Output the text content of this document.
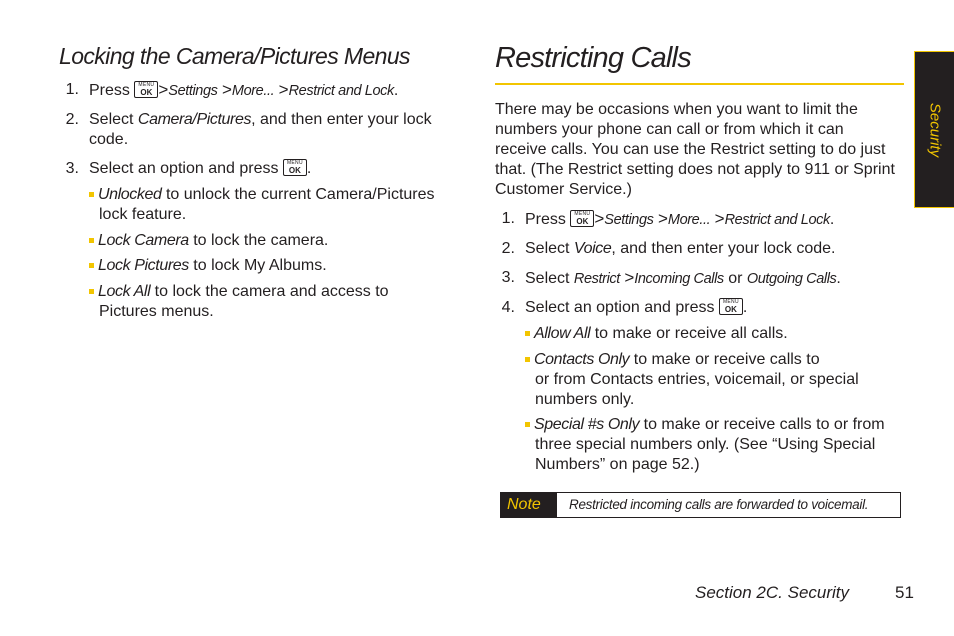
Locking the Camera/Pictures Menus
1. Press	MENU
OK >Settings >More... >Restrict and Lock.
2. Select Camera/Pictures, and then enter your lock
code.
3. Select an option and press	MENU
OK .
Unlocked to unlock the current Camera/Pictures
lock feature.
Lock Camera to lock the camera.
Lock Pictures to lock My Albums.
Lock All to lock the camera and access to
Pictures menus.
Restricting Calls
There may be occasions when you want to limit the
numbers your phone can call or from which it can
receive calls. You can use the Restrict setting to do just
that. (The Restrict setting does not apply to 911 or Sprint
Customer Service.)
1. Press	MENU
OK >Settings >More... >Restrict and Lock.
2. Select Voice, and then enter your lock code.
3. Select Restrict >Incoming Calls or Outgoing Calls.
4. Select an option and press	MENU
OK .
Allow All to make or receive all calls.
Contacts Only to make or receive calls to
or from Contacts entries, voicemail, or special
numbers only.
Special #s Only to make or receive calls to or from
three special numbers only. (See “Using Special
Numbers” on page 52.)
Note	Restricted incoming calls are forwarded to voicemail.
Security
Section 2C. Security	51
